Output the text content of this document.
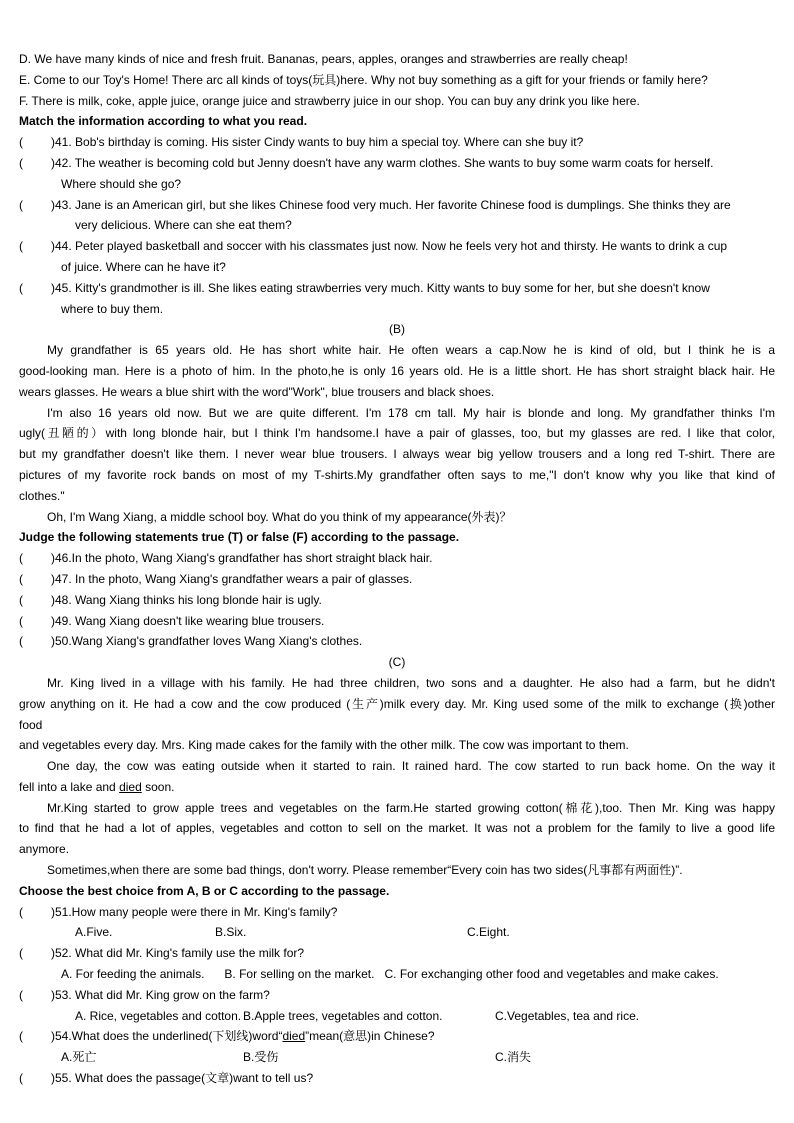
D. We have many kinds of nice and fresh fruit. Bananas, pears, apples, oranges and strawberries are really cheap!
E. Come to our Toy's Home! There arc all kinds of toys(玩具)here. Why not buy something as a gift for your friends or family here?
F. There is milk, coke, apple juice, orange juice and strawberry juice in our shop. You can buy any drink you like here.
Match the information according to what you read.
( )41. Bob's birthday is coming. His sister Cindy wants to buy him a special toy. Where can she buy it?
( )42. The weather is becoming cold but Jenny doesn't have any warm clothes. She wants to buy some warm coats for herself.
Where should she go?
( )43. Jane is an American girl, but she likes Chinese food very much. Her favorite Chinese food is dumplings. She thinks they are
very delicious. Where can she eat them?
( )44. Peter played basketball and soccer with his classmates just now. Now he feels very hot and thirsty. He wants to drink a cup
of juice. Where can he have it?
( )45. Kitty's grandmother is ill. She likes eating strawberries very much. Kitty wants to buy some for her, but she doesn't know
where to buy them.
(B)
My grandfather is 65 years old. He has short white hair. He often wears a cap.Now he is kind of old, but I think he is a
good-looking man. Here is a photo of him. In the photo,he is only 16 years old. He is a little short. He has short straight black hair. He
wears glasses. He wears a blue shirt with the word"Work", blue trousers and black shoes.
I'm also 16 years old now. But we are quite different. I'm 178 cm tall. My hair is blonde and long. My grandfather thinks I'm
ugly(丑陋的）with long blonde hair, but I think I'm handsome.I have a pair of glasses, too, but my glasses are red. I like that color,
but my grandfather doesn't like them. I never wear blue trousers. I always wear big yellow trousers and a long red T-shirt. There are
pictures of my favorite rock bands on most of my T-shirts.My grandfather often says to me,"I don't know why you like that kind of
clothes."
Oh, I'm Wang Xiang, a middle school boy. What do you think of my appearance(外表)？
Judge the following statements true (T) or false (F) according to the passage.
( )46.In the photo, Wang Xiang's grandfather has short straight black hair.
( )47. In the photo, Wang Xiang's grandfather wears a pair of glasses.
( )48. Wang Xiang thinks his long blonde hair is ugly.
( )49. Wang Xiang doesn't like wearing blue trousers.
( )50.Wang Xiang's grandfather loves Wang Xiang's clothes.
(C)
Mr. King lived in a village with his family. He had three children, two sons and a daughter. He also had a farm, but he didn't
grow anything on it. He had a cow and the cow produced (生产)milk every day. Mr. King used some of the milk to exchange (换)other
food
and vegetables every day. Mrs. King made cakes for the family with the other milk. The cow was important to them.
One day, the cow was eating outside when it started to rain. It rained hard. The cow started to run back home. On the way it
fell into a lake and died soon.
Mr.King started to grow apple trees and vegetables on the farm.He started growing cotton(棉花),too. Then Mr. King was happy
to find that he had a lot of apples, vegetables and cotton to sell on the market. It was not a problem for the family to live a good life
anymore.
Sometimes,when there are some bad things, don't worry. Please remember“Every coin has two sides(凡事都有两面性)”.
Choose the best choice from A, B or C according to the passage.
( )51.How many people were there in Mr. King's family?
A.Five.	B.Six.	C.Eight.
( )52. What did Mr. King's family use the milk for?
A. For feeding the animals.      B. For selling on the market.   C. For exchanging other food and vegetables and make cakes.
( )53. What did Mr. King grow on the farm?
A. Rice, vegetables and cotton. B.Apple trees, vegetables and cotton.	C.Vegetables, tea and rice.
( )54.What does the underlined(下划线)word“died”mean(意思)in Chinese?
A.死亡	B.受伤	C.消失
( )55. What does the passage(文章)want to tell us?
